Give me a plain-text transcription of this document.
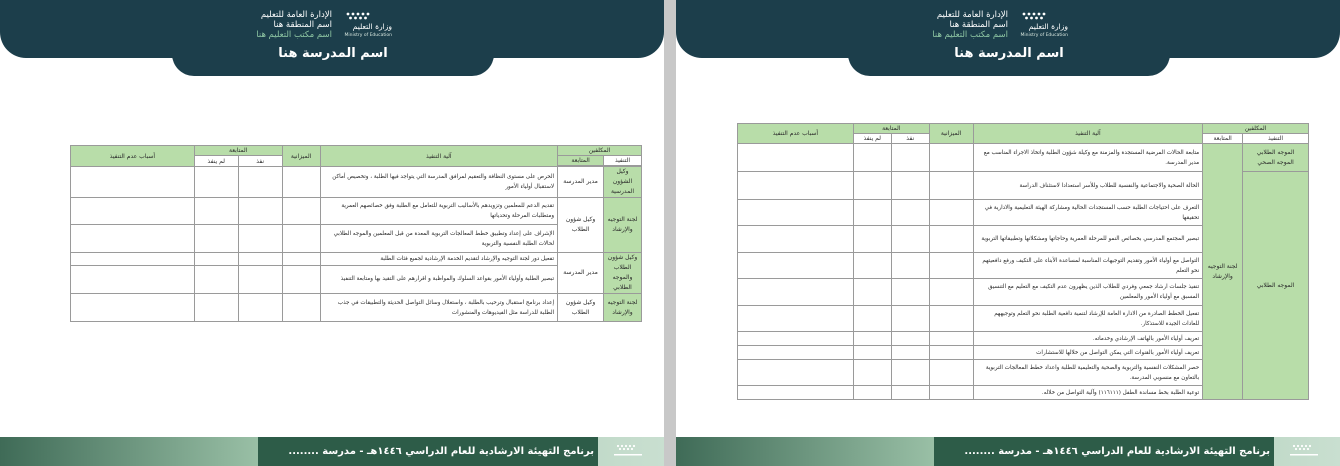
اسم المدرسة هنا
الإدارة العامة للتعليم
اسم المنطقة هنا
اسم مكتب التعليم هنا
وزارة التعليم
Ministry of Education
المكلفين		آلية التنفيذ	الميزانية	المتابعة		أسباب عدم التنفيذ
التنفيذ	المتابعة			نفذ	لم ينفذ	

وكيل الشؤون المدرسية	مدير المدرسة	الحرص على مستوى النظافة والتعقيم لمرافق المدرسة التي يتواجد فيها الطلبة ، وتخصيص أماكن لاستقبال أولياء الأمور				
لجنة التوجيه والإرشاد	وكيل شؤون الطلاب	تقديم الدعم للمعلمين وتزويدهم بالأساليب التربوية للتعامل مع الطلبة وفق خصائصهم العمرية ومتطلبات المرحلة وتحدياتها				
		الإشراف على إعداد وتطبيق خطط المعالجات التربوية المعدة من قبل المعلمين والموجه الطلابي لحالات الطلبة النفسية والتربوية				
وكيل شؤون الطلاب والموجه الطلابي	مدير المدرسة	تفعيل دور لجنة التوجيه والإرشاد لتقديم الخدمة الإرشادية لجميع فئات الطلبة				
		تبصير الطلبة وأولياء الأمور بقواعد السلوك والمواظبة و اقرارهم على التقيد بها ومتابعة التنفيذ				
لجنة التوجيه والإرشاد	وكيل شؤون الطلاب	إعداد برنامج استقبال وترحيب بالطلبة ، واستغلال وسائل التواصل الحديثة والتطبيقات في جذب الطلبة للدراسة مثل الفيديوهات والمنشورات				
برنامج التهيئة الارشادية للعام الدراسي ١٤٤٦هـ - مدرسة ........
اسم المدرسة هنا
الإدارة العامة للتعليم
اسم المنطقة هنا
اسم مكتب التعليم هنا
وزارة التعليم
Ministry of Education
المكلفين		آلية التنفيذ	الميزانية	المتابعة		أسباب عدم التنفيذ
التنفيذ	المتابعة			نفذ	لم ينفذ	

الموجه الطلابي
الموجه الصحي	لجنة التوجيه والإرشاد	متابعة الحالات المرضية المستجدة والمزمنة مع وكيلة شؤون الطلبة واتخاذ الاجراء المناسب مع مدير المدرسة.				
الموجه الطلابي		الحالة الصحية والاجتماعية والنفسية للطلاب وللأسر استعدادا لاستئناف الدراسة				
		التعرف على احتياجات الطلبة حسب المستجدات الحالية ومشاركة الهيئة التعليمية والادارية في تحقيقها				
		تبصير المجتمع المدرسي بخصائص النمو للمرحلة العمرية وحاجاتها ومشكلاتها وتطبيقاتها التربوية				
		التواصل مع أولياء الأمور وتقديم التوجيهات المناسبة لمساعدة الأبناء على التكيف ورفع دافعيتهم نحو التعلم				
		تنفيذ جلسات ارشاد جمعي وفردي للطلاب الذين يظهرون عدم التكيف مع التعليم مع التنسيق المسبق مع أولياء الأمور والمعلمين				
		تفعيل الخطط الصادرة من الادارة العامة للإرشاد لتنمية دافعية الطلبة نحو التعلم وتوجيههم للعادات الجيدة للاستذكار.				
		تعريف أولياء الأمور بالهاتف الإرشادي وخدماته.				
		تعريف أولياء الأمور بالقنوات التي يمكن التواصل من خلالها للاستشارات				
		حصر المشكلات النفسية والتربوية والصحية والتعليمية للطلبة واعداد خطط المعالجات التربوية بالتعاون مع منسوبي المدرسة.				
		توعية الطلبة بخط مساندة الطفل (١١٦١١١) وآلية التواصل من خلاله.				
برنامج التهيئة الارشادية للعام الدراسي ١٤٤٦هـ - مدرسة ........
